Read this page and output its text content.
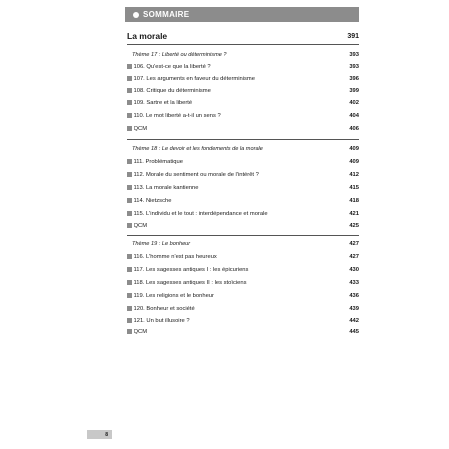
SOMMAIRE
La morale	391
Thème 17 : Liberté ou déterminisme ?	393
106. Qu'est-ce que la liberté ?	393
107. Les arguments en faveur du déterminisme	396
108. Critique du déterminisme	399
109. Sartre et la liberté	402
110. Le mot liberté a-t-il un sens ?	404
QCM	406
Thème 18 : Le devoir et les fondements de la morale	409
111. Problématique	409
112. Morale du sentiment ou morale de l'intérêt ?	412
113. La morale kantienne	415
114. Nietzsche	418
115. L'individu et le tout : interdépendance et morale	421
QCM	425
Thème 19 : Le bonheur	427
116. L'homme n'est pas heureux	427
117. Les sagesses antiques I : les épicuriens	430
118. Les sagesses antiques II : les stoïciens	433
119. Les religions et le bonheur	436
120. Bonheur et société	439
121. Un but illusoire ?	442
QCM	445
8
